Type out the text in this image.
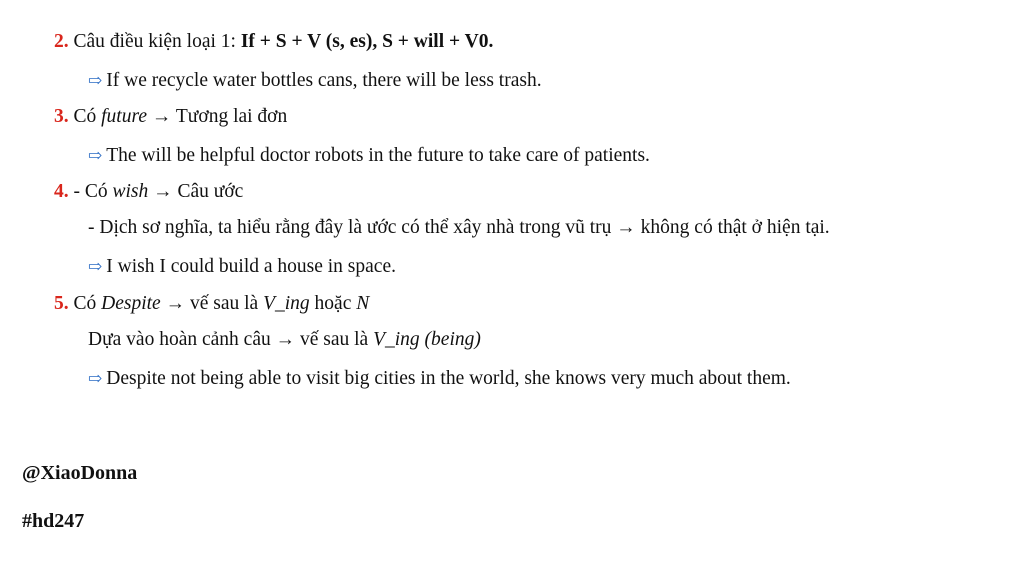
2. Câu điều kiện loại 1: If + S + V (s, es), S + will + V0.
⇨ If we recycle water bottles cans, there will be less trash.
3. Có future → Tương lai đơn
⇨ The will be helpful doctor robots in the future to take care of patients.
4. - Có wish → Câu ước
- Dịch sơ nghĩa, ta hiểu rằng đây là ước có thể xây nhà trong vũ trụ → không có thật ở hiện tại.
⇨ I wish I could build a house in space.
5. Có Despite → vế sau là V_ing hoặc N
Dựa vào hoàn cảnh câu → vế sau là V_ing (being)
⇨ Despite not being able to visit big cities in the world, she knows very much about them.
@XiaoDonna
#hd247
